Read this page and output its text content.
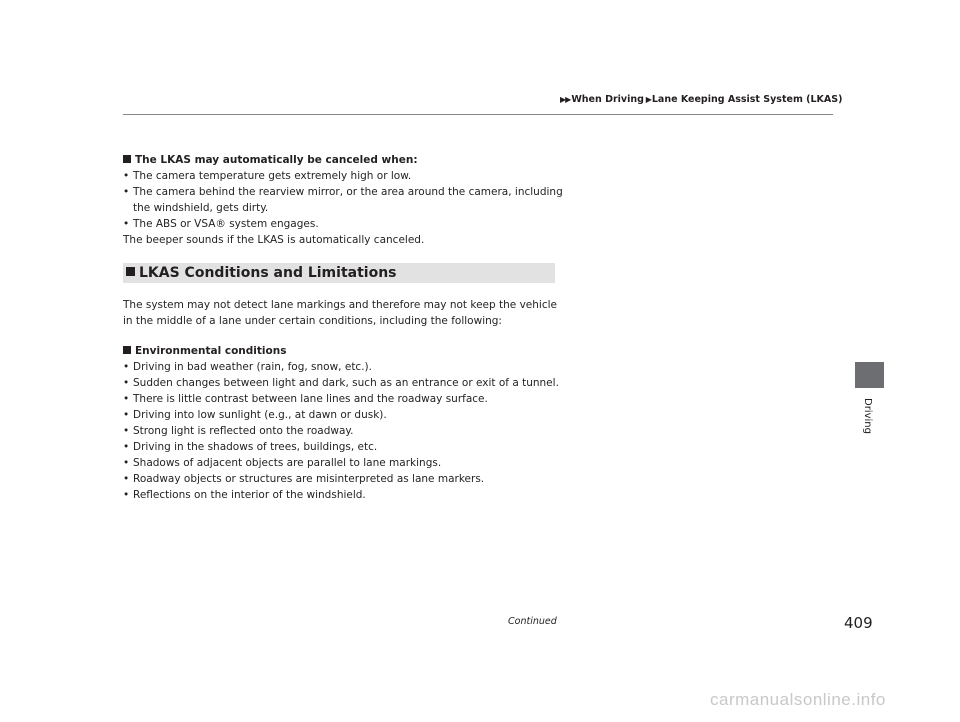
▶▶When Driving ▶Lane Keeping Assist System (LKAS)

The LKAS may automatically be canceled when:

• The camera temperature gets extremely high or low.
• The camera behind the rearview mirror, or the area around the camera, including the windshield, gets dirty.
• The ABS or VSA® system engages.

The beeper sounds if the LKAS is automatically canceled.

LKAS Conditions and Limitations

The system may not detect lane markings and therefore may not keep the vehicle in the middle of a lane under certain conditions, including the following:

Environmental conditions

• Driving in bad weather (rain, fog, snow, etc.).
• Sudden changes between light and dark, such as an entrance or exit of a tunnel.
• There is little contrast between lane lines and the roadway surface.
• Driving into low sunlight (e.g., at dawn or dusk).
• Strong light is reflected onto the roadway.
• Driving in the shadows of trees, buildings, etc.
• Shadows of adjacent objects are parallel to lane markings.
• Roadway objects or structures are misinterpreted as lane markers.
• Reflections on the interior of the windshield.
Driving
Continued	409
carmanualsonline.info
